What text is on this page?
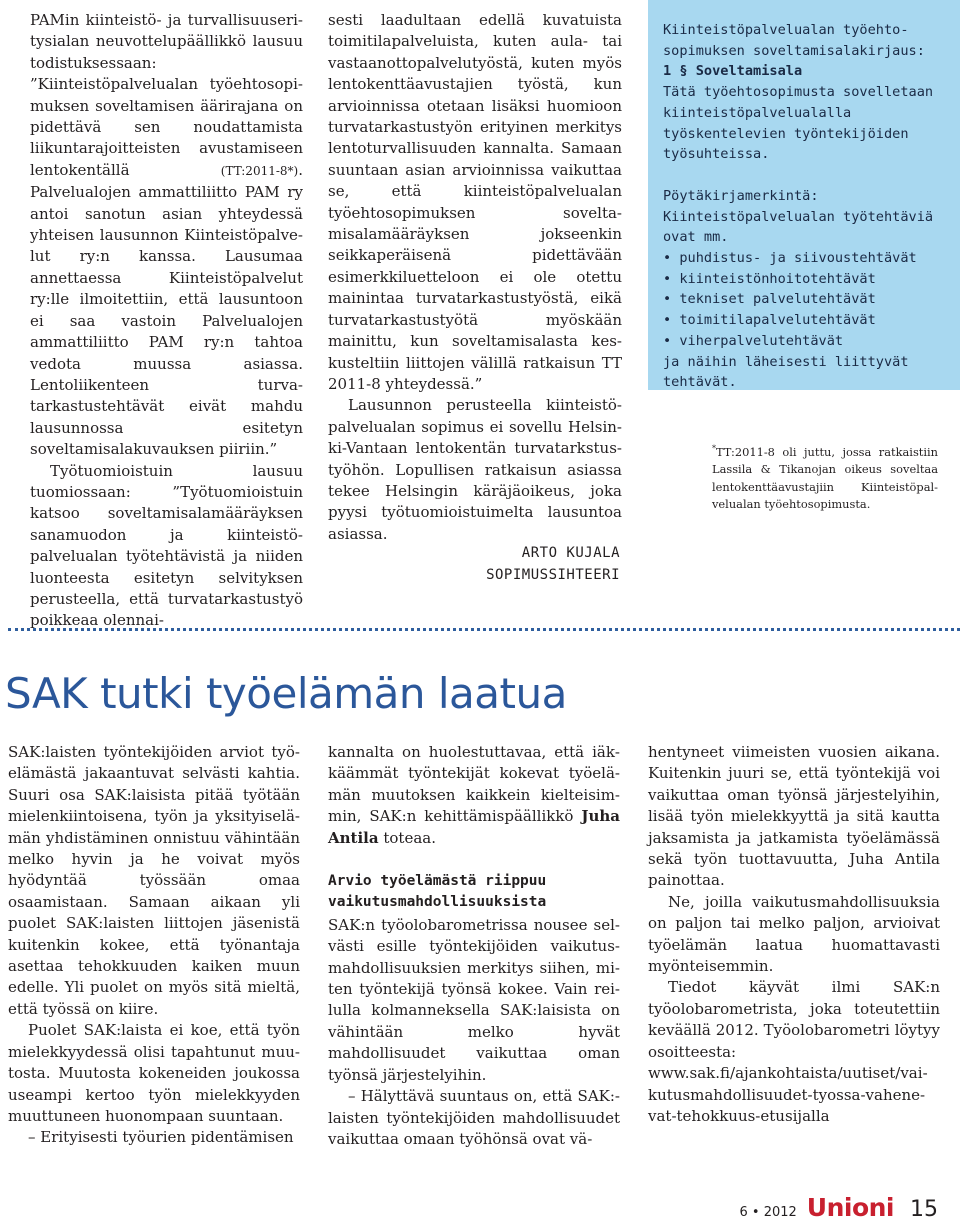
PAMin kiinteistö- ja turvallisuuseritysialan neuvottelupäällikkö lausuu todistuksessaan: ”Kiinteistöpalvelualan työehtosopimuksen soveltamisen äärirajana on pidettävä sen noudattamista liikuntarajoitteisten avustamiseen lentokentällä	(TT:2011-8*). Palvelualojen ammattiliitto PAM ry antoi sanotun asian yhteydessä yhteisen lausunnon Kiinteistöpalvelut ry:n kanssa. Lausumaa annettaessa Kiinteistöpalvelut ry:lle ilmoitettiin, että lausuntoon ei saa vastoin Palvelualojen ammattiliitto PAM ry:n tahtoa vedota muussa asiassa. Lentoliikenteen turvatarkastustehtävät eivät mahdu lausunnossa esitetyn soveltamisalakuvauksen piiriin.”

Työtuomioistuin lausuu tuomiossaan: ”Työtuomioistuin katsoo soveltamisalamääräyksen sanamuodon ja kiinteistöpalvelualan työtehtävistä ja niiden luonteesta esitetyn selvityksen perusteella, että turvatarkastustyö poikkeaa olennai-

sesti laadultaan edellä kuvatuista toimitilapalveluista, kuten aula- tai vastaanottopalvelutyöstä, kuten myös lentokenttäavustajien työstä, kun arvioinnissa otetaan lisäksi huomioon turvatarkastustyön erityinen merkitys lentoturvallisuuden kannalta. Samaan suuntaan asian arvioinnissa vaikuttaa se, että kiinteistöpalvelualan työehtosopimuksen soveltamisalamääräyksen jokseenkin seikkaperäisenä pidettävään esimerkkiluetteloon ei ole otettu mainintaa turvatarkastustyöstä, eikä turvatarkastustyötä myöskään mainittu, kun soveltamisalasta keskusteltiin liittojen välillä ratkaisun TT 2011-8 yhteydessä.”

Lausunnon perusteella kiinteistöpalvelualan sopimus ei sovellu Helsinki-Vantaan lentokentän turvatarkstustyöhön. Lopullisen ratkaisun asiassa tekee Helsingin käräjäoikeus, joka pyysi työtuomioistuimelta lausuntoa asiassa.

ARTO KUJALA
SOPIMUSSIHTEERI

Kiinteistöpalvelualan työehtosopimuksen soveltamisalakirjaus:

1 § Soveltamisala

Tätä työehtosopimusta sovelletaan kiinteistöpalvelualalla työskentelevien työntekijöiden työsuhteissa.

Pöytäkirjamerkintä:

Kiinteistöpalvelualan työtehtäviä ovat mm.

• puhdistus- ja siivoustehtävät
• kiinteistönhoitotehtävät
• tekniset palvelutehtävät
• toimitilapalvelutehtävät
• viherpalvelutehtävät

ja näihin läheisesti liittyvät tehtävät.

*TT:2011-8 oli juttu, jossa ratkaistiin Lassila & Tikanojan oikeus soveltaa lentokenttäavustajiin Kiinteistöpalvelualan työehtosopimusta.
SAK tutki työelämän laatua

SAK:laisten työntekijöiden arviot työelämästä jakaantuvat selvästi kahtia. Suuri osa SAK:laisista pitää työtään mielenkiintoisena, työn ja yksityiselämän yhdistäminen onnistuu vähintään melko hyvin ja he voivat myös hyödyntää työssään omaa osaamistaan. Samaan aikaan yli puolet SAK:laisten liittojen jäsenistä kuitenkin kokee, että työnantaja asettaa tehokkuuden kaiken muun edelle. Yli puolet on myös sitä mieltä, että työssä on kiire.

Puolet SAK:laista ei koe, että työn mielekkyydessä olisi tapahtunut muutosta. Muutosta kokeneiden joukossa useampi kertoo työn mielekkyyden muuttuneen huonompaan suuntaan.

– Erityisesti työurien pidentämisen

kannalta on huolestuttavaa, että iäkkäämmät työntekijät kokevat työelämän muutoksen kaikkein kielteisimmin, SAK:n kehittämispäällikkö Juha Antila toteaa.

Arvio työelämästä riippuu vaikutusmahdollisuuksista

SAK:n työolobarometrissa nousee selvästi esille työntekijöiden vaikutusmahdollisuuksien merkitys siihen, miten työntekijä työnsä kokee. Vain reilulla kolmanneksella SAK:laisista on vähintään melko hyvät mahdollisuudet vaikuttaa oman työnsä järjestelyihin.

– Hälyttävä suuntaus on, että SAK:laisten työntekijöiden mahdollisuudet vaikuttaa omaan työhönsä ovat vä-

hentyneet viimeisten vuosien aikana. Kuitenkin juuri se, että työntekijä voi vaikuttaa oman työnsä järjestelyihin, lisää työn mielekkyyttä ja sitä kautta jaksamista ja jatkamista työelämässä sekä työn tuottavuutta, Juha Antila painottaa.

Ne, joilla vaikutusmahdollisuuksia on paljon tai melko paljon, arvioivat työelämän laatua huomattavasti myönteisemmin.

Tiedot käyvät ilmi SAK:n työolobarometrista, joka toteutettiin keväällä 2012. Työolobarometri löytyy osoitteesta: www.sak.fi/ajankohtaista/uutiset/vaikutusmahdollisuudet-tyossa-vahenevat-tehokkuus-etusijalla

6 • 2012 Unioni 15
